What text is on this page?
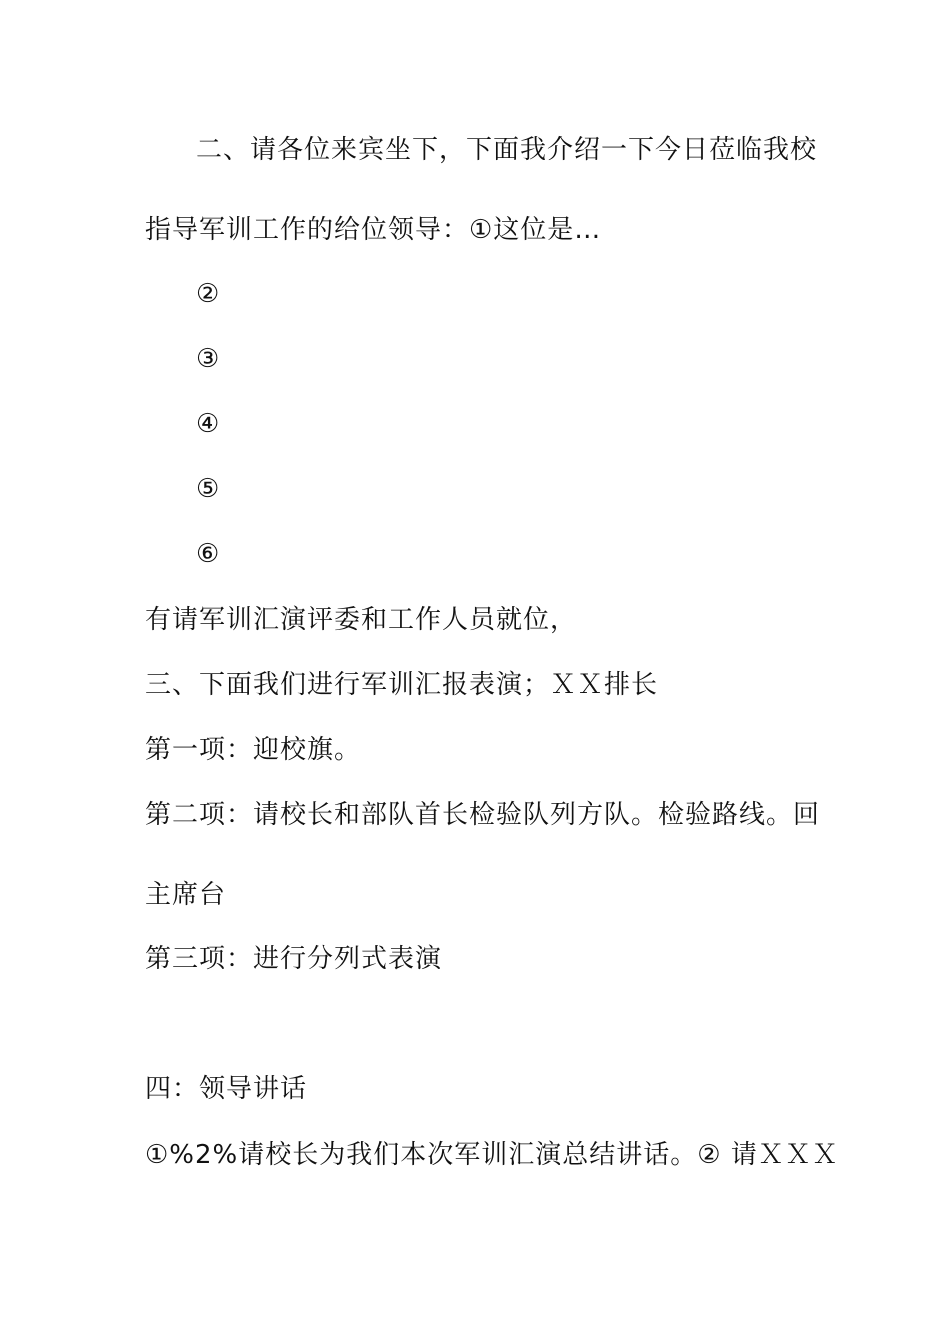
二、请各位来宾坐下，下面我介绍一下今日莅临我校
指导军训工作的给位领导：①这位是…
②
③
④
⑤
⑥
有请军训汇演评委和工作人员就位，
三、下面我们进行军训汇报表演；ＸＸ排长
第一项：迎校旗。
第二项：请校长和部队首长检验队列方队。检验路线。回
主席台
第三项：进行分列式表演
四：领导讲话
①%2%请校长为我们本次军训汇演总结讲话。② 请ＸＸＸ
